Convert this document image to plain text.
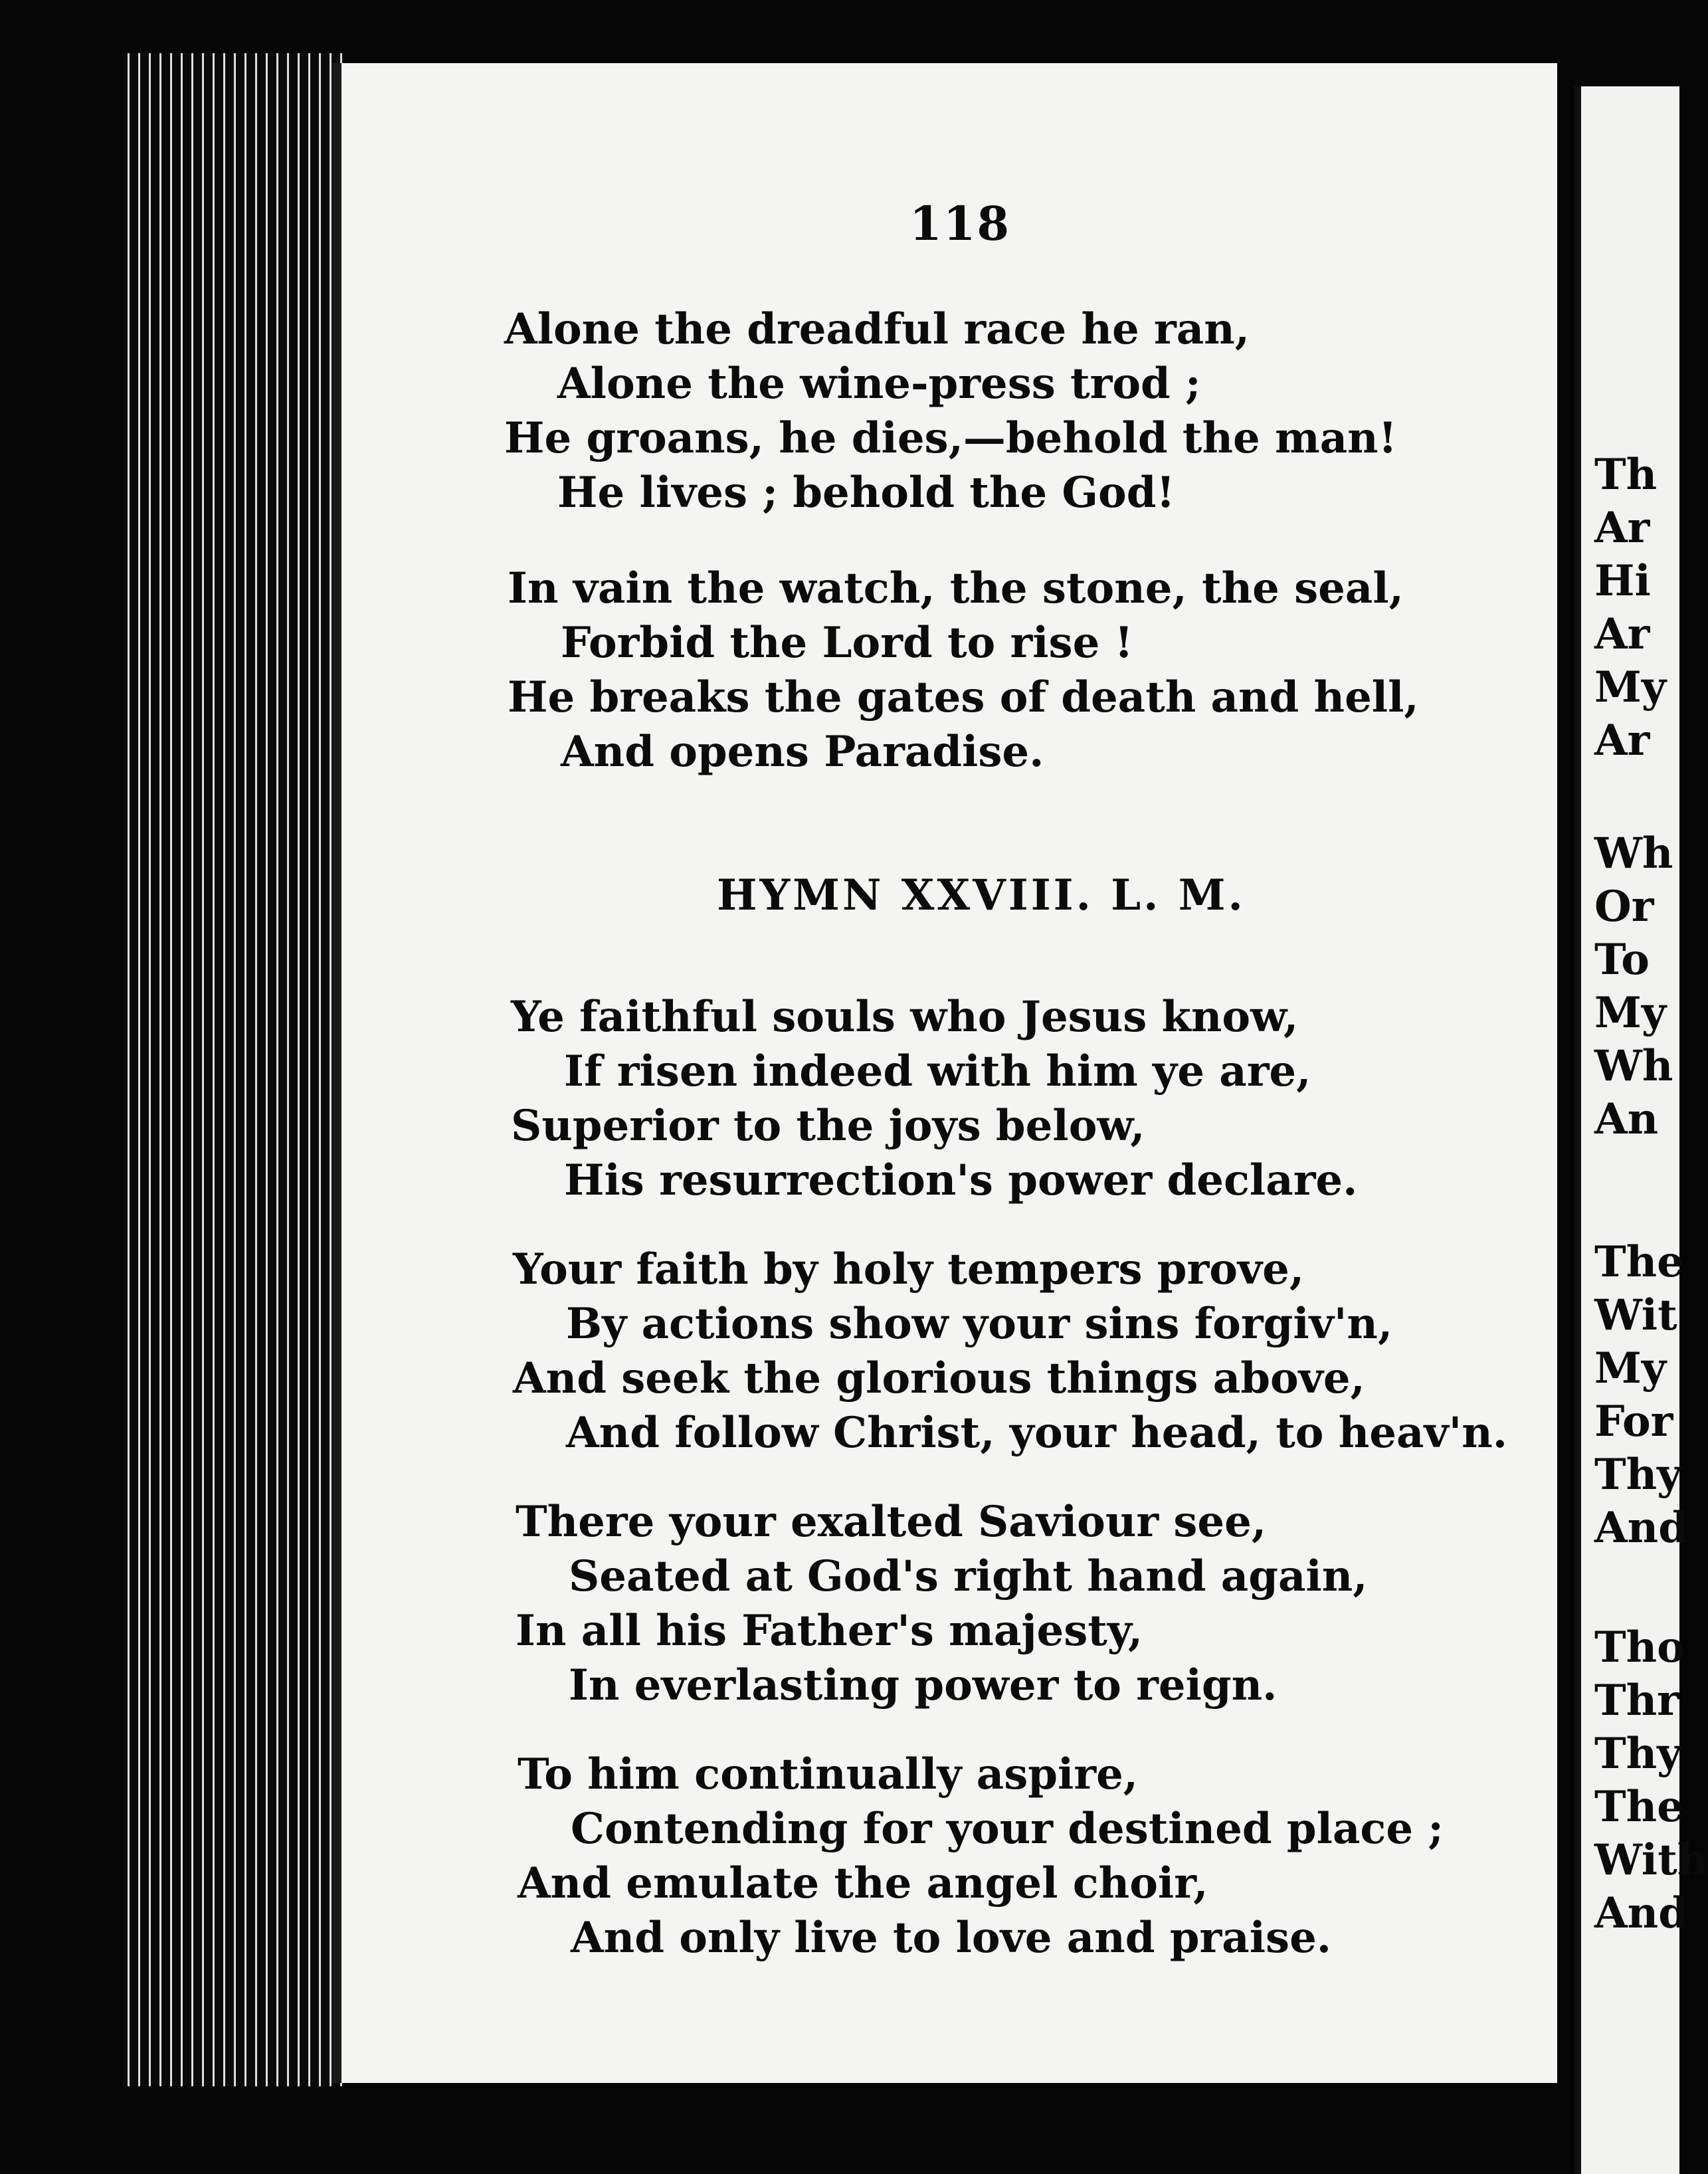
118
Alone the dreadful race he ran,
Alone the wine-press trod ;
He groans, he dies,—behold the man!
He lives ; behold the God!
In vain the watch, the stone, the seal,
Forbid the Lord to rise !
He breaks the gates of death and hell,
And opens Paradise.
HYMN XXVIII. L. M.
Ye faithful souls who Jesus know,
If risen indeed with him ye are,
Superior to the joys below,
His resurrection's power declare.
Your faith by holy tempers prove,
By actions show your sins forgiv'n,
And seek the glorious things above,
And follow Christ, your head, to heav'n.
There your exalted Saviour see,
Seated at God's right hand again,
In all his Father's majesty,
In everlasting power to reign.
To him continually aspire,
Contending for your destined place ;
And emulate the angel choir,
And only live to love and praise.
Th
Ar
Hi
Ar
My
Ar
Wh
Or
To
My
Wh
An
The
Wit
My
For
Thy
And
Tho
Thr
Thy
The
With
And
